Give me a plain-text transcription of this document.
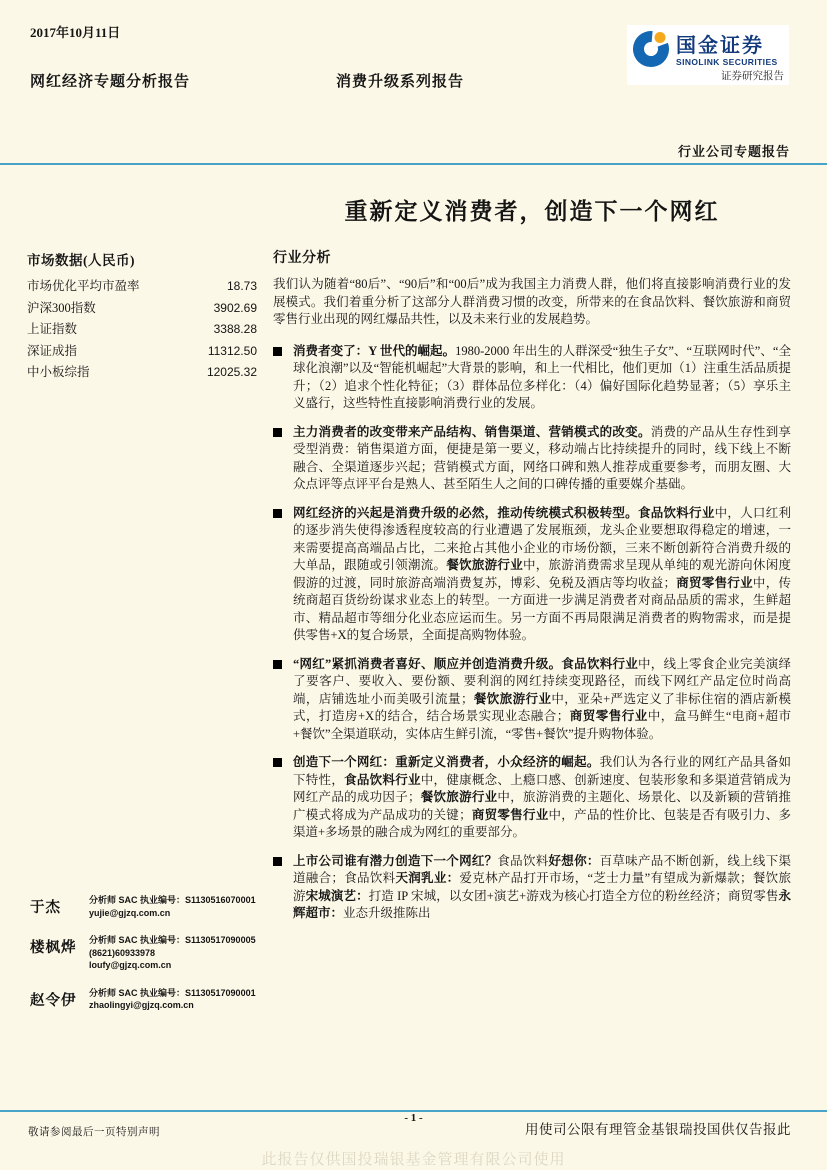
2017年10月11日
国金证券
SINOLINK SECURITIES
证券研究报告
网红经济专题分析报告	消费升级系列报告
行业公司专题报告
重新定义消费者，创造下一个网红
市场数据(人民币)
市场优化平均市盈率	18.73
沪深300指数	3902.69
上证指数	3388.28
深证成指	11312.50
中小板综指	12025.32
于杰	分析师 SAC 执业编号：S1130516070001
yujie@gjzq.com.cn
楼枫烨	分析师 SAC 执业编号：S1130517090005
(8621)60933978
loufy@gjzq.com.cn
赵令伊	分析师 SAC 执业编号：S1130517090001
zhaolingyi@gjzq.com.cn
行业分析

我们认为随着“80后”、“90后”和“00后”成为我国主力消费人群，他们将直接影响消费行业的发展模式。我们着重分析了这部分人群消费习惯的改变，所带来的在食品饮料、餐饮旅游和商贸零售行业出现的网红爆品共性，以及未来行业的发展趋势。

消费者变了：Y 世代的崛起。1980-2000 年出生的人群深受“独生子女”、“互联网时代”、“全球化浪潮”以及“智能机崛起”大背景的影响，和上一代相比，他们更加（1）注重生活品质提升；（2）追求个性化特征；（3）群体品位多样化：（4）偏好国际化趋势显著；（5）享乐主义盛行，这些特性直接影响消费行业的发展。

主力消费者的改变带来产品结构、销售渠道、营销模式的改变。消费的产品从生存性到享受型消费：销售渠道方面，便捷是第一要义，移动端占比持续提升的同时，线下线上不断融合、全渠道逐步兴起；营销模式方面，网络口碑和熟人推荐成重要参考，而朋友圈、大众点评等点评平台是熟人、甚至陌生人之间的口碑传播的重要媒介基础。

网红经济的兴起是消费升级的必然，推动传统模式积极转型。食品饮料行业中，人口红利的逐步消失使得渗透程度较高的行业遭遇了发展瓶颈，龙头企业要想取得稳定的增速，一来需要提高高端品占比，二来抢占其他小企业的市场份额，三来不断创新符合消费升级的大单品，跟随或引领潮流。餐饮旅游行业中，旅游消费需求呈现从单纯的观光游向休闲度假游的过渡，同时旅游高端消费复苏，博彩、免税及酒店等均收益；商贸零售行业中，传统商超百货纷纷谋求业态上的转型。一方面进一步满足消费者对商品品质的需求，生鲜超市、精品超市等细分化业态应运而生。另一方面不再局限满足消费者的购物需求，而是提供零售+X的复合场景，全面提高购物体验。

“网红”紧抓消费者喜好、顺应并创造消费升级。食品饮料行业中，线上零食企业完美演绎了要客户、要收入、要份额、要利润的网红持续变现路径，而线下网红产品定位时尚高端，店铺选址小而美吸引流量；餐饮旅游行业中，亚朵+严选定义了非标住宿的酒店新模式，打造房+X的结合，结合场景实现业态融合；商贸零售行业中，盒马鲜生“电商+超市+餐饮”全渠道联动，实体店生鲜引流，“零售+餐饮”提升购物体验。

创造下一个网红：重新定义消费者，小众经济的崛起。我们认为各行业的网红产品具备如下特性，食品饮料行业中，健康概念、上瘾口感、创新速度、包装形象和多渠道营销成为网红产品的成功因子；餐饮旅游行业中，旅游消费的主题化、场景化、以及新颖的营销推广模式将成为产品成功的关键；商贸零售行业中，产品的性价比、包装是否有吸引力、多渠道+多场景的融合成为网红的重要部分。

上市公司谁有潜力创造下一个网红？食品饮料好想你：百草味产品不断创新，线上线下渠道融合；食品饮料天润乳业：爱克林产品打开市场，“芝士力量”有望成为新爆款；餐饮旅游宋城演艺：打造 IP 宋城，以女团+演艺+游戏为核心打造全方位的粉丝经济；商贸零售永辉超市：业态升级推陈出

- 1 -
敬请参阅最后一页特别声明	用使司公限有理管金基银瑞投国供仅告报此
此报告仅供国投瑞银基金管理有限公司使用
